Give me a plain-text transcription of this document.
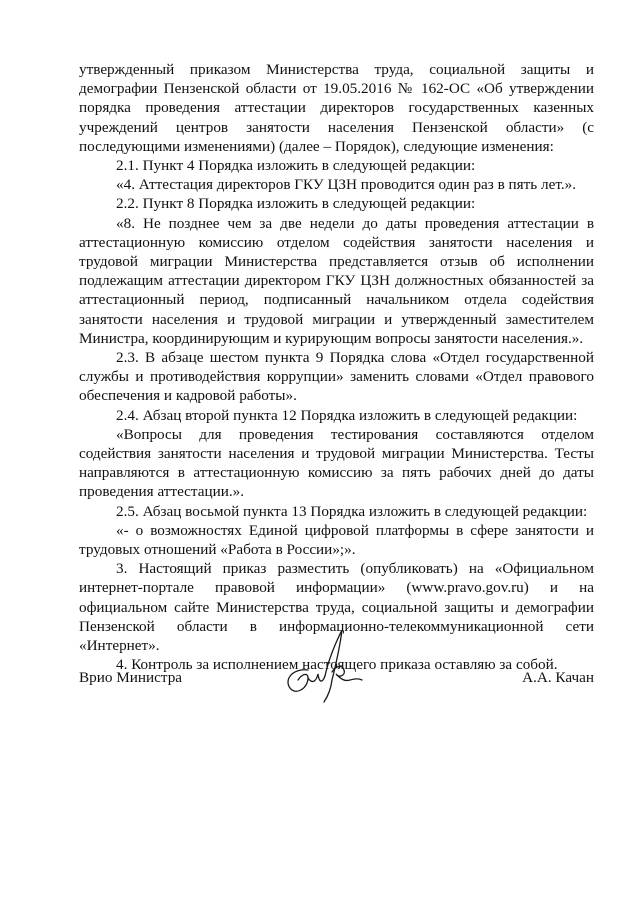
утвержденный приказом Министерства труда, социальной защиты и демографии Пензенской области от 19.05.2016 № 162-ОС «Об утверждении порядка проведения аттестации директоров государственных казенных учреждений центров занятости населения Пензенской области» (с последующими изменениями) (далее – Порядок), следующие изменения:

2.1. Пункт 4 Порядка изложить в следующей редакции:

«4. Аттестация директоров ГКУ ЦЗН проводится один раз в пять лет.».

2.2. Пункт 8 Порядка изложить в следующей редакции:

«8. Не позднее чем за две недели до даты проведения аттестации в аттестационную комиссию отделом содействия занятости населения и трудовой миграции Министерства представляется отзыв об исполнении подлежащим аттестации директором ГКУ ЦЗН должностных обязанностей за аттестационный период, подписанный начальником отдела содействия занятости населения и трудовой миграции и утвержденный заместителем Министра, координирующим и курирующим вопросы занятости населения.».

2.3. В абзаце шестом пункта 9 Порядка слова «Отдел государственной службы и противодействия коррупции» заменить словами «Отдел правового обеспечения и кадровой работы».

2.4. Абзац второй пункта 12 Порядка изложить в следующей редакции:

«Вопросы для проведения тестирования составляются отделом содействия занятости населения и трудовой миграции Министерства. Тесты направляются в аттестационную комиссию за пять рабочих дней до даты проведения аттестации.».

2.5. Абзац восьмой пункта 13 Порядка изложить в следующей редакции:

«- о возможностях Единой цифровой платформы в сфере занятости и трудовых отношений «Работа в России»;».

3. Настоящий приказ разместить (опубликовать) на «Официальном интернет-портале правовой информации» (www.pravo.gov.ru) и на официальном сайте Министерства труда, социальной защиты и демографии Пензенской области в информационно-телекоммуникационной сети «Интернет».

4. Контроль за исполнением настоящего приказа оставляю за собой.

Врио Министра	А.А. Качан
